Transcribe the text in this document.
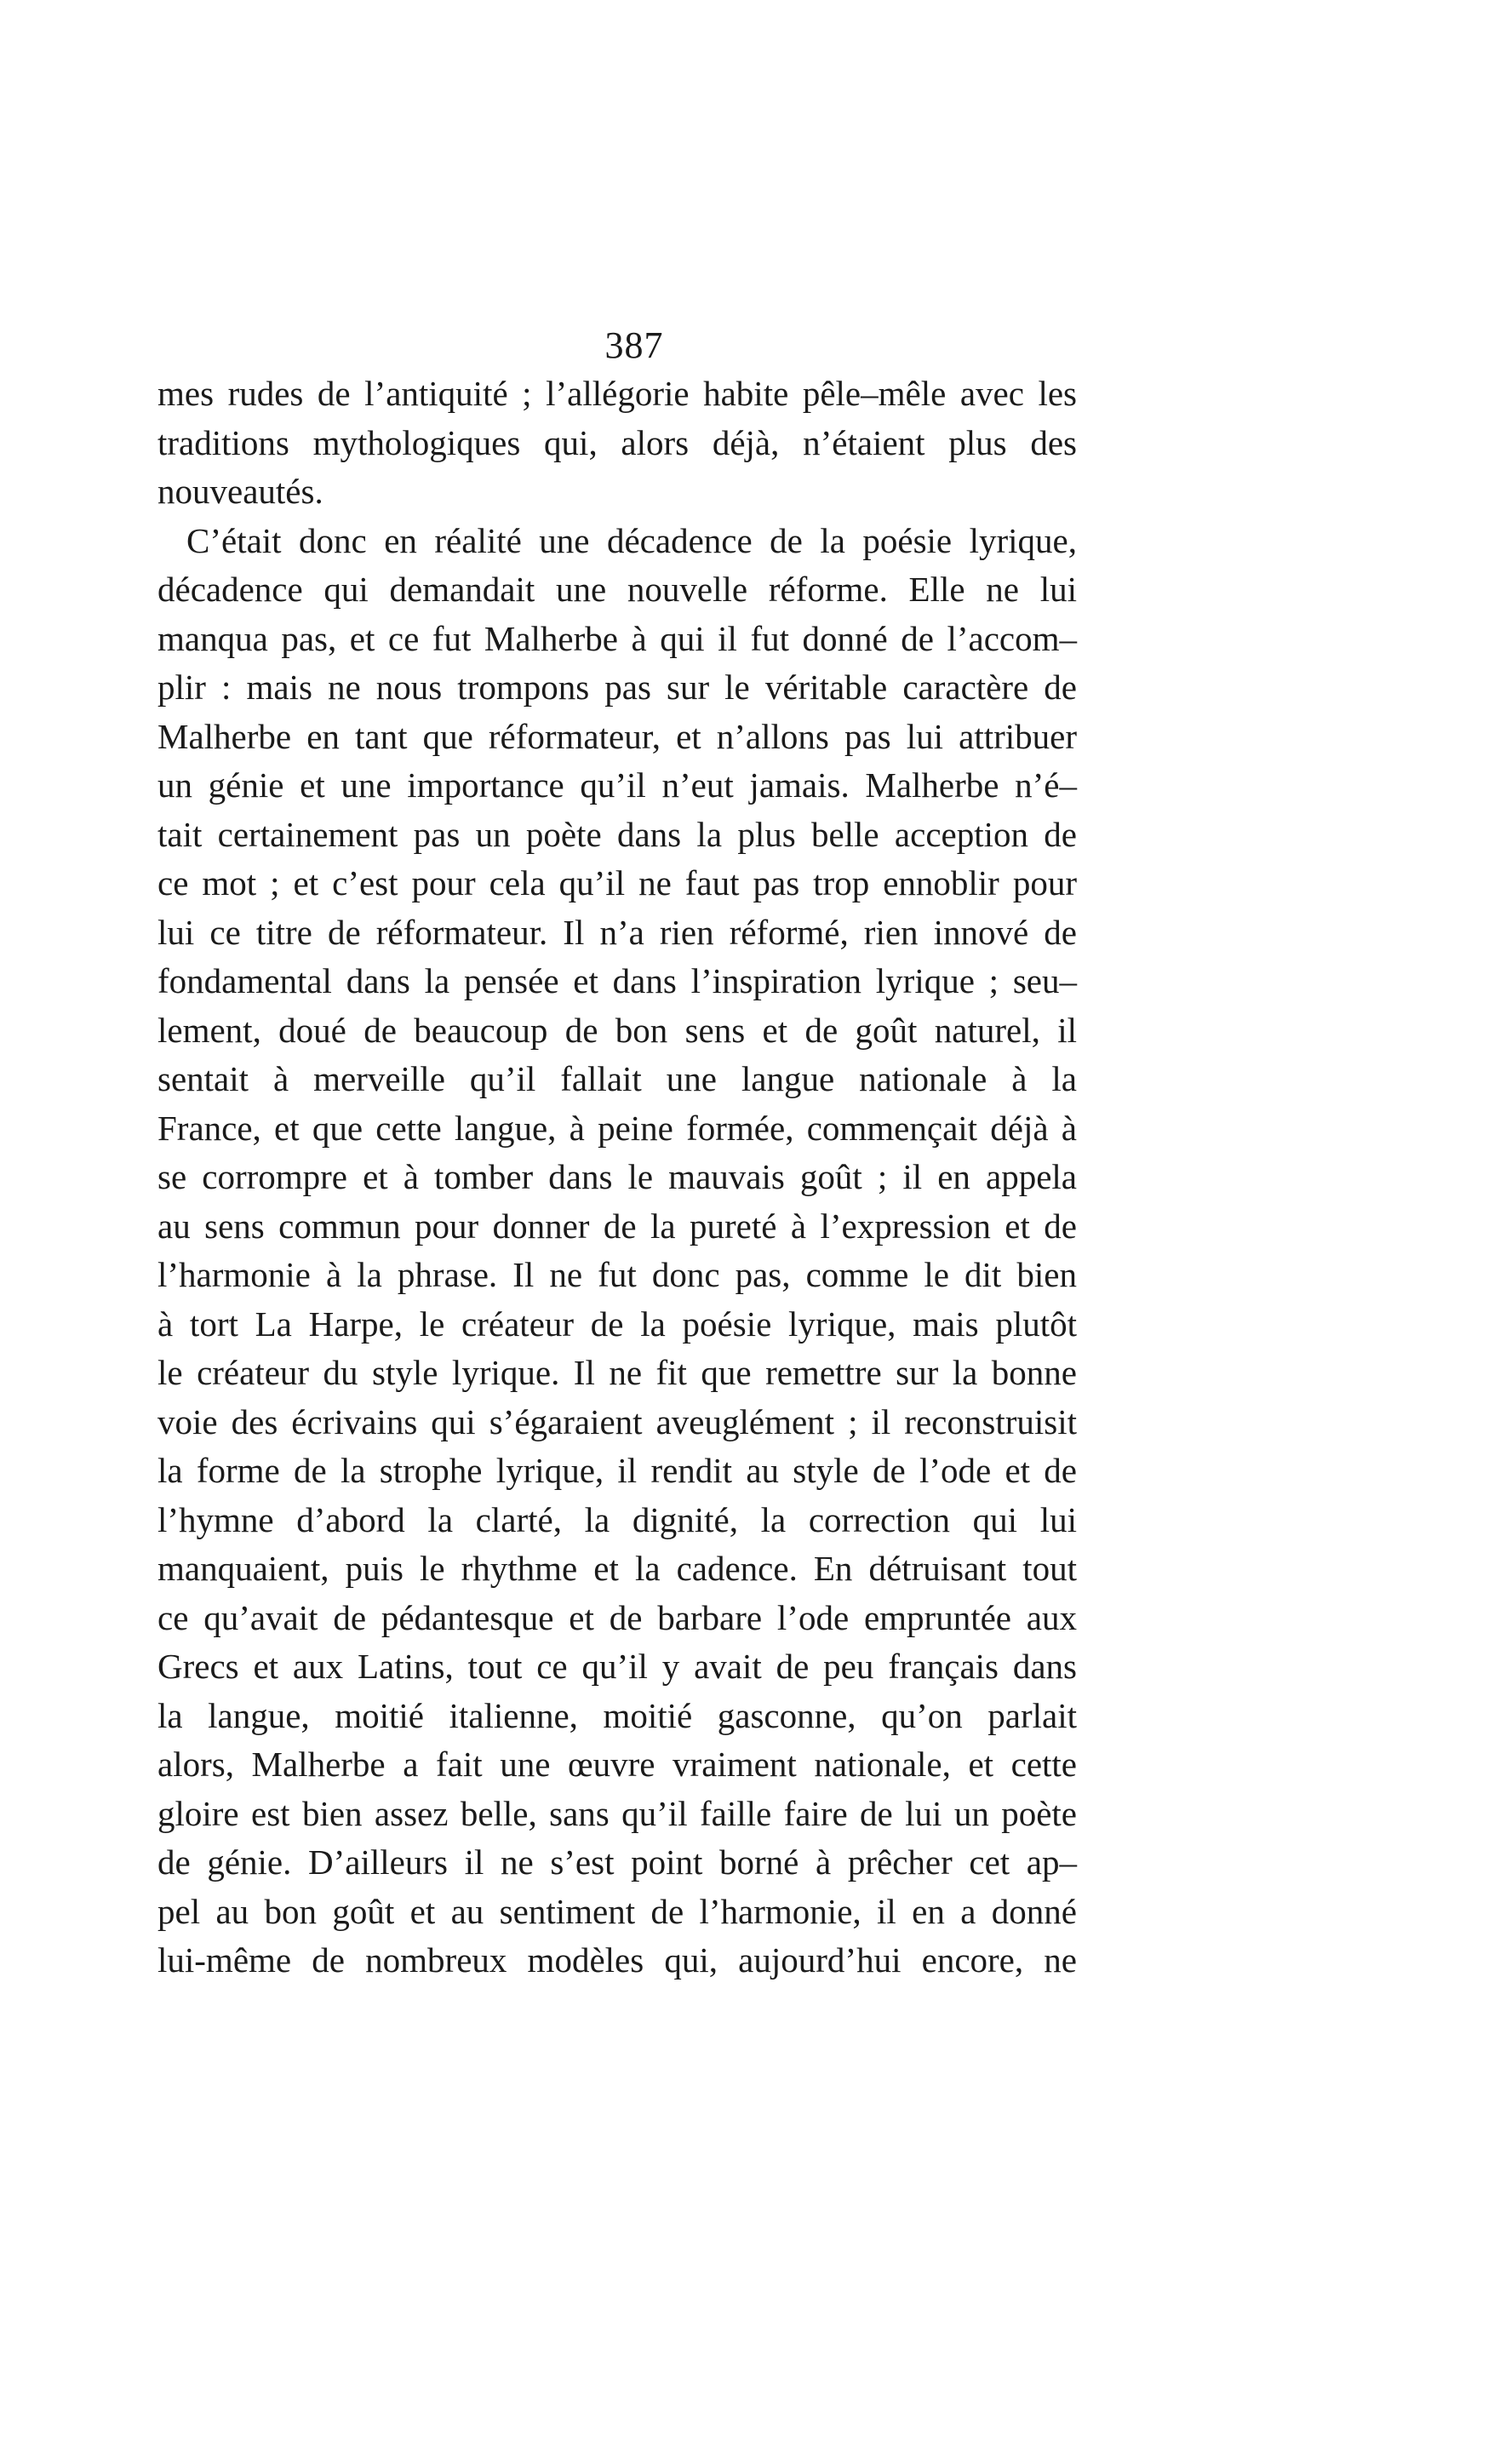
387
mes rudes de l’antiquité ; l’allégorie habite pêle–mêle avec les
traditions mythologiques qui, alors déjà, n’étaient plus des
nouveautés.
C’était donc en réalité une décadence de la poésie lyrique,
décadence qui demandait une nouvelle réforme. Elle ne lui
manqua pas, et ce fut Malherbe à qui il fut donné de l’accom–
plir : mais ne nous trompons pas sur le véritable caractère de
Malherbe en tant que réformateur, et n’allons pas lui attribuer
un génie et une importance qu’il n’eut jamais. Malherbe n’é–
tait certainement pas un poète dans la plus belle acception de
ce mot ; et c’est pour cela qu’il ne faut pas trop ennoblir pour
lui ce titre de réformateur. Il n’a rien réformé, rien innové de
fondamental dans la pensée et dans l’inspiration lyrique ; seu–
lement, doué de beaucoup de bon sens et de goût naturel, il
sentait à merveille qu’il fallait une langue nationale à la
France, et que cette langue, à peine formée, commençait déjà à
se corrompre et à tomber dans le mauvais goût ; il en appela
au sens commun pour donner de la pureté à l’expression et de
l’harmonie à la phrase. Il ne fut donc pas, comme le dit bien
à tort La Harpe, le créateur de la poésie lyrique, mais plutôt
le créateur du style lyrique. Il ne fit que remettre sur la bonne
voie des écrivains qui s’égaraient aveuglément ; il reconstruisit
la forme de la strophe lyrique, il rendit au style de l’ode et de
l’hymne d’abord la clarté, la dignité, la correction qui lui
manquaient, puis le rhythme et la cadence. En détruisant tout
ce qu’avait de pédantesque et de barbare l’ode empruntée aux
Grecs et aux Latins, tout ce qu’il y avait de peu français dans
la langue, moitié italienne, moitié gasconne, qu’on parlait
alors, Malherbe a fait une œuvre vraiment nationale, et cette
gloire est bien assez belle, sans qu’il faille faire de lui un poète
de génie. D’ailleurs il ne s’est point borné à prêcher cet ap–
pel au bon goût et au sentiment de l’harmonie, il en a donné
lui-même de nombreux modèles qui, aujourd’hui encore, ne
